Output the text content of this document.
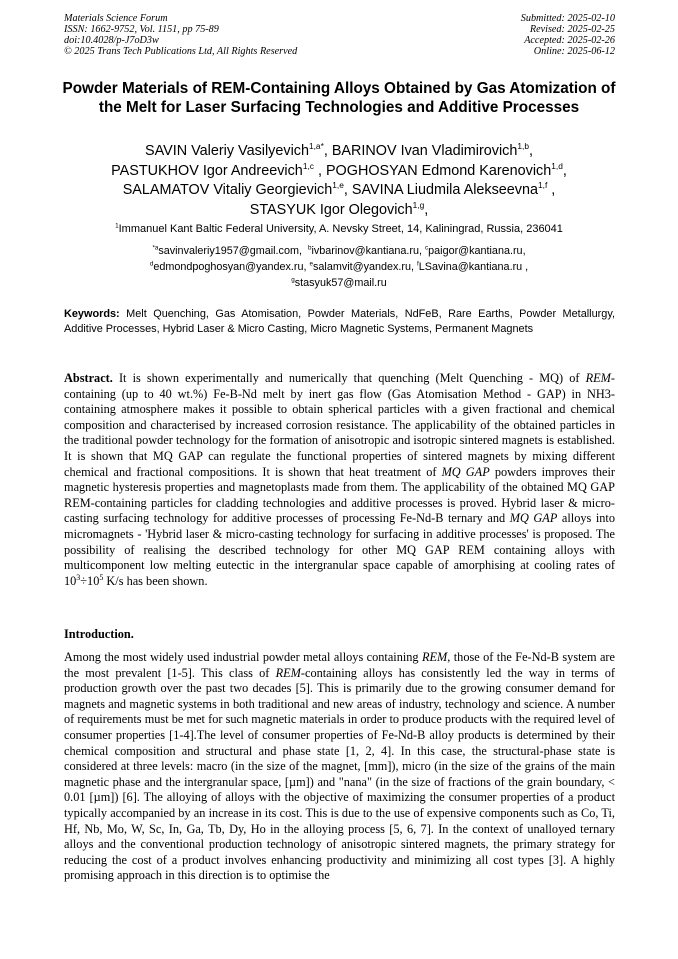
Materials Science Forum
ISSN: 1662-9752, Vol. 1151, pp 75-89
doi:10.4028/p-J7oD3w
© 2025 Trans Tech Publications Ltd, All Rights Reserved
Submitted: 2025-02-10
Revised: 2025-02-25
Accepted: 2025-02-26
Online: 2025-06-12
Powder Materials of REM-Containing Alloys Obtained by Gas Atomization of the Melt for Laser Surfacing Technologies and Additive Processes
SAVIN Valeriy Vasilyevich$^{1,a*}$, BARINOV Ivan Vladimirovich$^{1,b}$,
PASTUKHOV Igor Andreevich$^{1,c}$ , POGHOSYAN Edmond Karenovich$^{1,d}$,
SALAMATOV Vitaliy Georgievich$^{1,e}$, SAVINA Liudmila Alekseevna$^{1,f}$ ,
STASYUK Igor Olegovich$^{1,g}$,
$^1$Immanuel Kant Baltic Federal University, A. Nevsky Street, 14, Kaliningrad, Russia, 236041
$^{*a}$savinvaleriy1957@gmail.com,  $^b$ivbarinov@kantiana.ru, $^c$paigor@kantiana.ru,
$^d$edmondpoghosyan@yandex.ru, $^e$salamvit@yandex.ru, $^f$LSavina@kantiana.ru ,
$^g$stasyuk57@mail.ru
Keywords: Melt Quenching, Gas Atomisation, Powder Materials, NdFeB, Rare Earths, Powder Metallurgy, Additive Processes, Hybrid Laser & Micro Casting, Micro Magnetic Systems, Permanent Magnets
Abstract. It is shown experimentally and numerically that quenching (Melt Quenching - MQ) of REM-containing (up to 40 wt.%) Fe-B-Nd melt by inert gas flow (Gas Atomisation Method - GAP) in NH3-containing atmosphere makes it possible to obtain spherical particles with a given fractional and chemical composition and characterised by increased corrosion resistance. The applicability of the obtained particles in the traditional powder technology for the formation of anisotropic and isotropic sintered magnets is established. It is shown that MQ GAP can regulate the functional properties of sintered magnets by mixing different chemical and fractional compositions. It is shown that heat treatment of MQ GAP powders improves their magnetic hysteresis properties and magnetoplasts made from them. The applicability of the obtained MQ GAP REM-containing particles for cladding technologies and additive processes is proved. Hybrid laser & micro-casting surfacing technology for additive processes of processing Fe-Nd-B ternary and MQ GAP alloys into micromagnets - 'Hybrid laser & micro-casting technology for surfacing in additive processes' is proposed. The possibility of realising the described technology for other MQ GAP REM containing alloys with multicomponent low melting eutectic in the intergranular space capable of amorphising at cooling rates of $10^3\div 10^5$ K/s has been shown.
Introduction.
Among the most widely used industrial powder metal alloys containing REM, those of the Fe-Nd-B system are the most prevalent [1-5]. This class of REM-containing alloys has consistently led the way in terms of production growth over the past two decades [5]. This is primarily due to the growing consumer demand for magnets and magnetic systems in both traditional and new areas of industry, technology and science. A number of requirements must be met for such magnetic materials in order to produce products with the required level of consumer properties [1-4].The level of consumer properties of Fe-Nd-B alloy products is determined by their chemical composition and structural and phase state [1, 2, 4]. In this case, the structural-phase state is considered at three levels: macro (in the size of the magnet, [mm]), micro (in the size of the grains of the main magnetic phase and the intergranular space, [µm]) and "nana" (in the size of fractions of the grain boundary, < 0.01 [µm]) [6]. The alloying of alloys with the objective of maximizing the consumer properties of a product typically accompanied by an increase in its cost. This is due to the use of expensive components such as Co, Ti, Hf, Nb, Mo, W, Sc, In, Ga, Tb, Dy, Ho in the alloying process [5, 6, 7]. In the context of unalloyed ternary alloys and the conventional production technology of anisotropic sintered magnets, the primary strategy for reducing the cost of a product involves enhancing productivity and minimizing all cost types [3]. A highly promising approach in this direction is to optimise the
